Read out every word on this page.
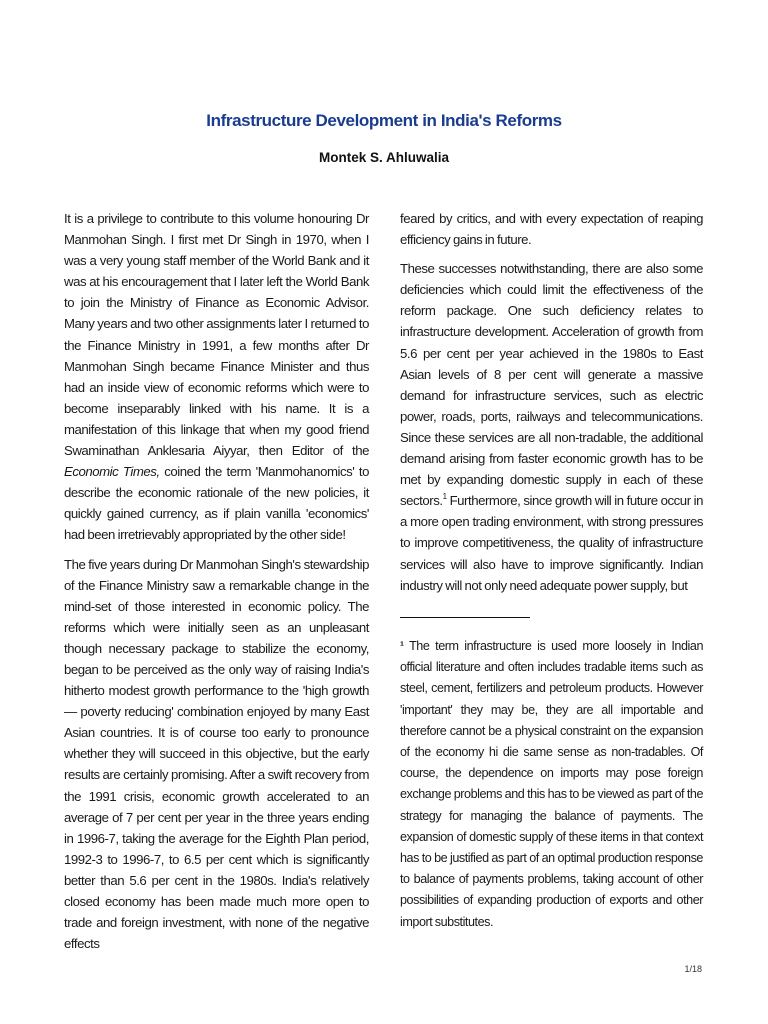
Infrastructure Development in India's Reforms
Montek S. Ahluwalia

It is a privilege to contribute to this volume honouring Dr Manmohan Singh. I first met Dr Singh in 1970, when I was a very young staff member of the World Bank and it was at his encouragement that I later left the World Bank to join the Ministry of Finance as Economic Advisor. Many years and two other assignments later I returned to the Finance Ministry in 1991, a few months after Dr Manmohan Singh became Finance Minister and thus had an inside view of economic reforms which were to become inseparably linked with his name. It is a manifestation of this linkage that when my good friend Swaminathan Anklesaria Aiyyar, then Editor of the Economic Times, coined the term 'Manmohanomics' to describe the economic rationale of the new policies, it quickly gained currency, as if plain vanilla 'economics' had been irretrievably appropriated by the other side!

The five years during Dr Manmohan Singh's stewardship of the Finance Ministry saw a remarkable change in the mind-set of those interested in economic policy. The reforms which were initially seen as an unpleasant though necessary package to stabilize the economy, began to be perceived as the only way of raising India's hitherto modest growth performance to the 'high growth — poverty reducing' combination enjoyed by many East Asian countries. It is of course too early to pronounce whether they will succeed in this objective, but the early results are certainly promising. After a swift recovery from the 1991 crisis, economic growth accelerated to an average of 7 per cent per year in the three years ending in 1996-7, taking the average for the Eighth Plan period, 1992-3 to 1996-7, to 6.5 per cent which is significantly better than 5.6 per cent in the 1980s. India's relatively closed economy has been made much more open to trade and foreign investment, with none of the negative effects

feared by critics, and with every expectation of reaping efficiency gains in future.

These successes notwithstanding, there are also some deficiencies which could limit the effectiveness of the reform package. One such deficiency relates to infrastructure development. Acceleration of growth from 5.6 per cent per year achieved in the 1980s to East Asian levels of 8 per cent will generate a massive demand for infrastructure services, such as electric power, roads, ports, railways and telecommunications. Since these services are all non-tradable, the additional demand arising from faster economic growth has to be met by expanding domestic supply in each of these sectors.$^1$ Furthermore, since growth will in future occur in a more open trading environment, with strong pressures to improve competitiveness, the quality of infrastructure services will also have to improve significantly. Indian industry will not only need adequate power supply, but

¹ The term infrastructure is used more loosely in Indian official literature and often includes tradable items such as steel, cement, fertilizers and petroleum products. However 'important' they may be, they are all importable and therefore cannot be a physical constraint on the expansion of the economy hi die same sense as non-tradables. Of course, the dependence on imports may pose foreign exchange problems and this has to be viewed as part of the strategy for managing the balance of payments. The expansion of domestic supply of these items in that context has to be justified as part of an optimal production response to balance of payments problems, taking account of other possibilities of expanding production of exports and other import substitutes.
1/18
